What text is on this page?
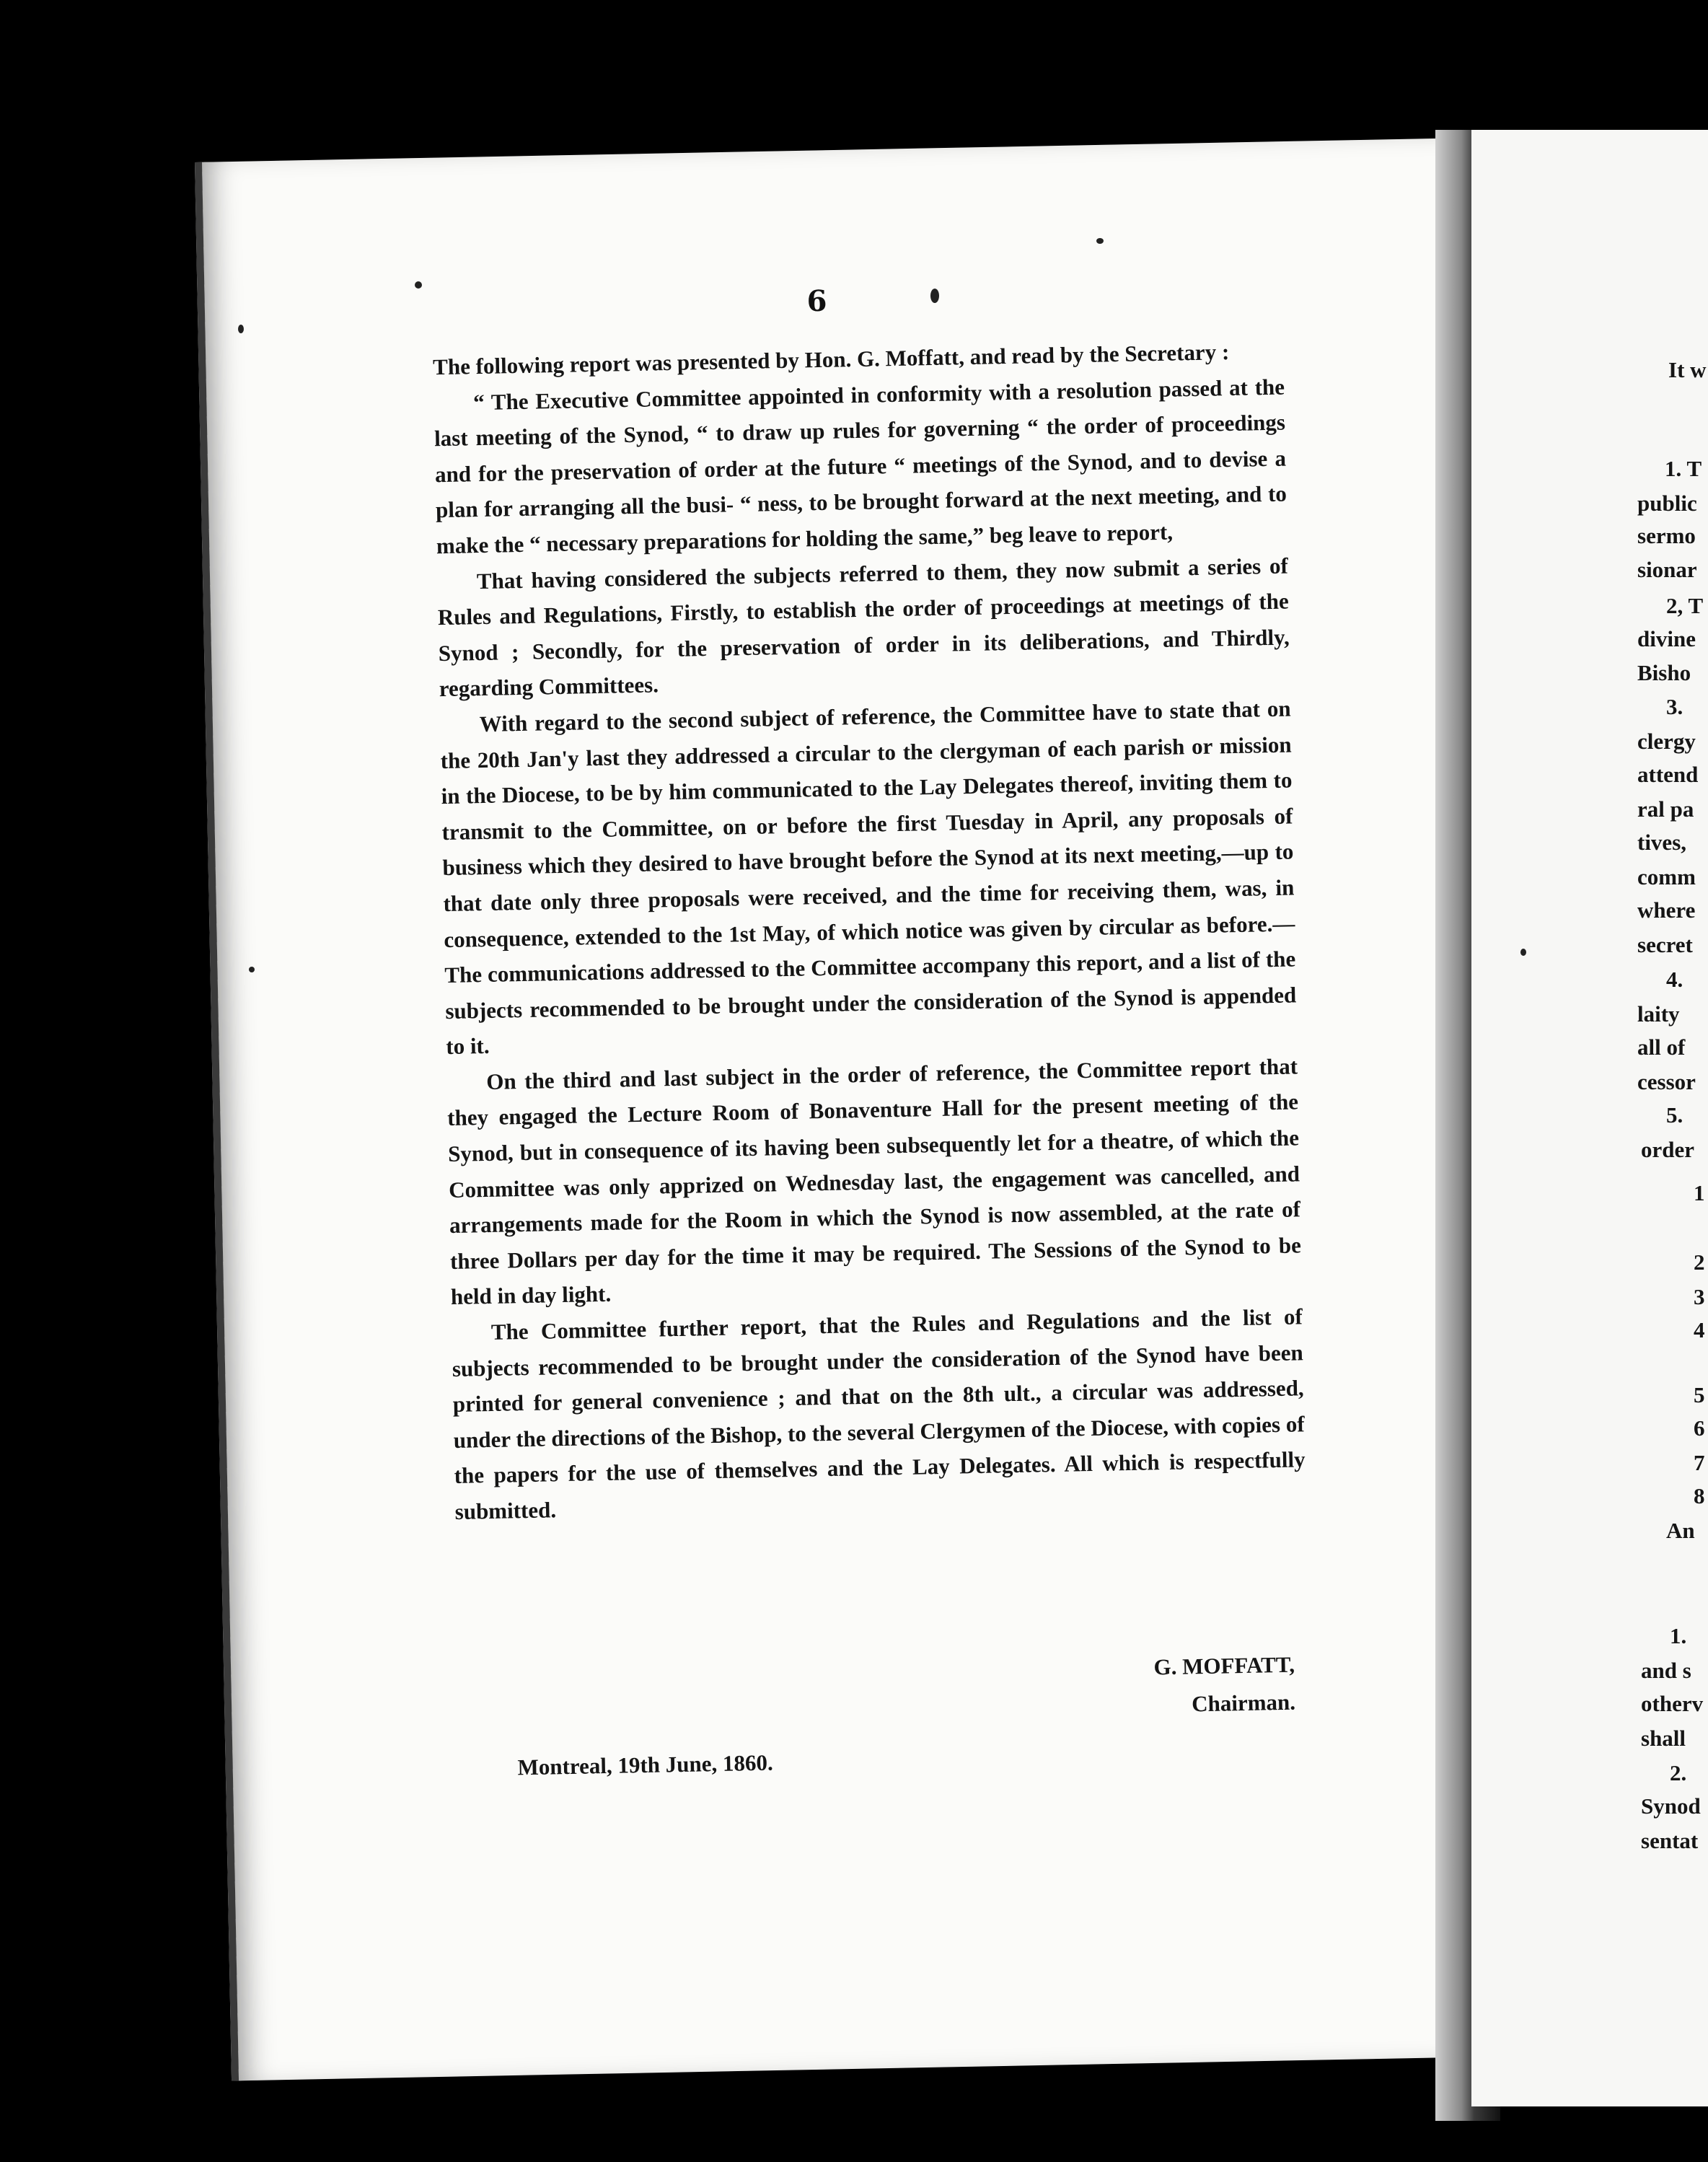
6

The following report was presented by Hon. G. Moffatt, and read by the Secretary :

“ The Executive Committee appointed in conformity with a resolution passed at the last meeting of the Synod, “ to draw up rules for governing “ the order of proceedings and for the preservation of order at the future “ meetings of the Synod, and to devise a plan for arranging all the busi- “ ness, to be brought forward at the next meeting, and to make the “ necessary preparations for holding the same,” beg leave to report,

That having considered the subjects referred to them, they now submit a series of Rules and Regulations, Firstly, to establish the order of proceedings at meetings of the Synod ; Secondly, for the preservation of order in its deliberations, and Thirdly, regarding Committees.

With regard to the second subject of reference, the Committee have to state that on the 20th Jan'y last they addressed a circular to the clergyman of each parish or mission in the Diocese, to be by him communicated to the Lay Delegates thereof, inviting them to transmit to the Committee, on or before the first Tuesday in April, any proposals of business which they desired to have brought before the Synod at its next meeting,—up to that date only three proposals were received, and the time for receiving them, was, in consequence, extended to the 1st May, of which notice was given by circular as before.—The communications addressed to the Committee accompany this report, and a list of the subjects recommended to be brought under the consideration of the Synod is appended to it.

On the third and last subject in the order of reference, the Committee report that they engaged the Lecture Room of Bonaventure Hall for the present meeting of the Synod, but in consequence of its having been subsequently let for a theatre, of which the Committee was only apprized on Wednesday last, the engagement was cancelled, and arrangements made for the Room in which the Synod is now assembled, at the rate of three Dollars per day for the time it may be required. The Sessions of the Synod to be held in day light.

The Committee further report, that the Rules and Regulations and the list of subjects recommended to be brought under the consideration of the Synod have been printed for general convenience ; and that on the 8th ult., a circular was addressed, under the directions of the Bishop, to the several Clergymen of the Diocese, with copies of the papers for the use of themselves and the Lay Delegates. All which is respectfully submitted.

G. MOFFATT,
Chairman.
Montreal, 19th June, 1860.
It w
1. T
public
sermo
sionar
2, T
divine
Bisho
3.
clergy
attend
ral pa
tives,
comm
where
secret
4.
laity
all of
cessor
5.
order
1
2
3
4
5
6
7
8
An
1.
and s
otherv
shall
2.
Synod
sentat
